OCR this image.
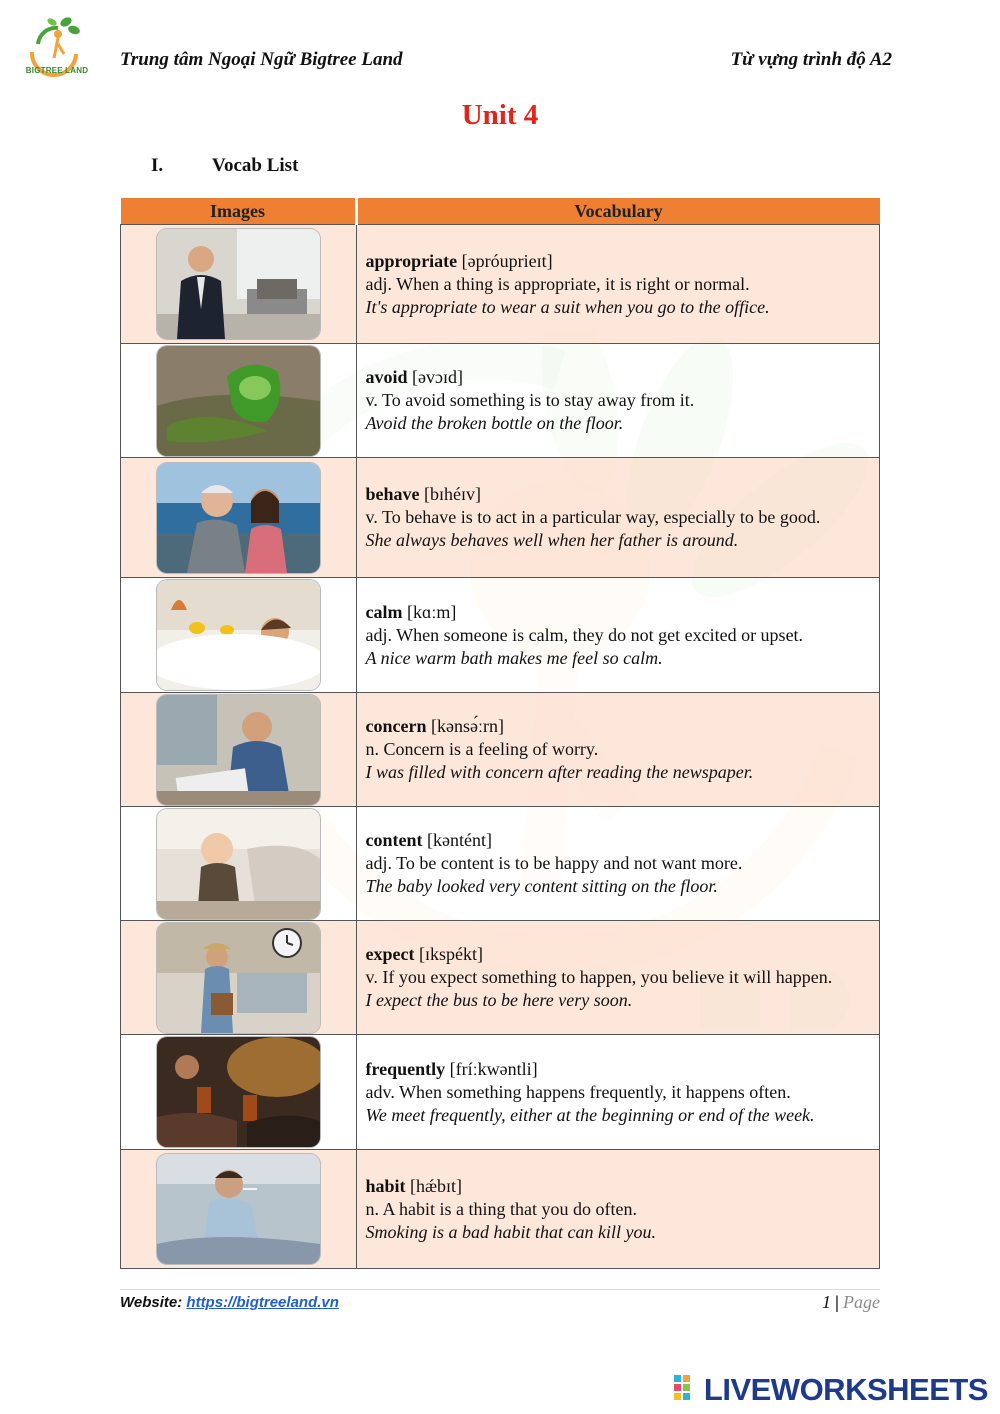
BIGTREE LAND
Trung tâm Ngoại Ngữ Bigtree Land	Từ vựng trình độ A2
Unit 4
I.	Vocab List
Images	Vocabulary

appropriate [əpróuprieɪt]
adj. When a thing is appropriate, it is right or normal.
It's appropriate to wear a suit when you go to the office.

avoid [əvɔɪd]
v. To avoid something is to stay away from it.
Avoid the broken bottle on the floor.

behave [bɪhéɪv]
v. To behave is to act in a particular way, especially to be good.
She always behaves well when her father is around.

calm [kɑːm]
adj. When someone is calm, they do not get excited or upset.
A nice warm bath makes me feel so calm.

concern [kənsə́ːrn]
n. Concern is a feeling of worry.
I was filled with concern after reading the newspaper.

content [kəntént]
adj. To be content is to be happy and not want more.
The baby looked very content sitting on the floor.

expect [ɪkspékt]
v. If you expect something to happen, you believe it will happen.
I expect the bus to be here very soon.

frequently [fríːkwəntli]
adv. When something happens frequently, it happens often.
We meet frequently, either at the beginning or end of the week.

habit [hǽbɪt]
n. A habit is a thing that you do often.
Smoking is a bad habit that can kill you.
Website: https://bigtreeland.vn	1 | Page
LIVEWORKSHEETS
